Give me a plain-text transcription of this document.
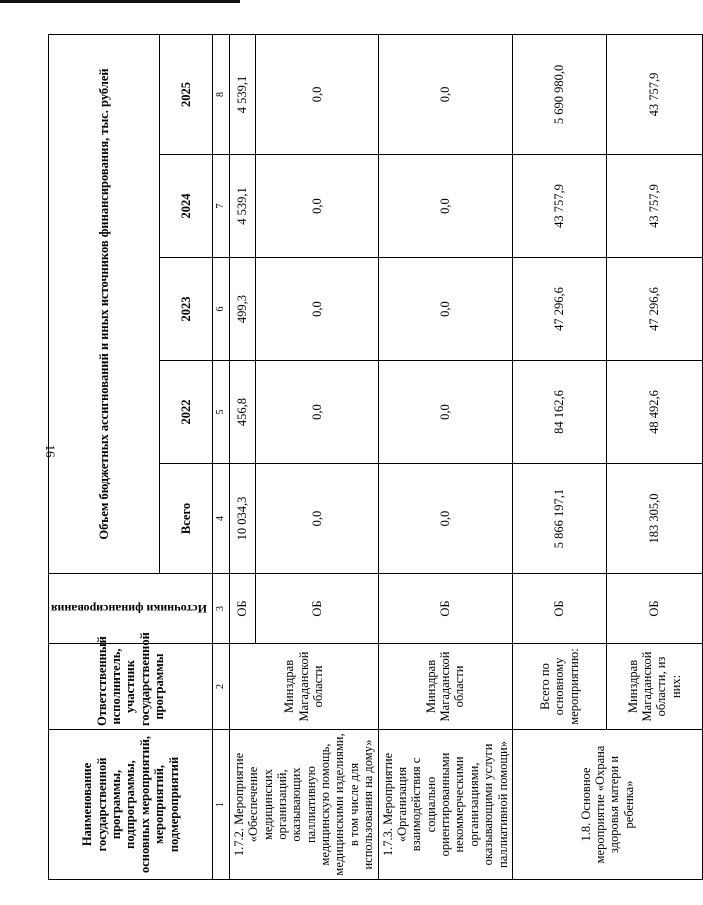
16
Наименование государственной программы, подпрограммы, основных мероприятий, мероприятий, подмероприятий	Ответственный исполнитель, участник государственной программы	Источники финансирования	Объем бюджетных ассигнований и иных источников финансирования, тыс. рублей				
			Всего	2022	2023	2024	2025
1	2	3	4	5	6	7	8
1.7.2. Мероприятие «Обеспечение медицинских организаций, оказывающих паллиативную медицинскую помощь, медицинскими изделиями, в том числе для использования на дому»	Минздрав Магаданской области	ОБ	10 034,3	456,8	499,3	4 539,1	4 539,1
		ОБ	0,0	0,0	0,0	0,0	0,0
1.7.3. Мероприятие «Организация взаимодействия с социально ориентированными некоммерческими организациями, оказывающими услуги паллиативной помощи»	Минздрав Магаданской области	ОБ	0,0	0,0	0,0	0,0	0,0
1.8. Основное мероприятие «Охрана здоровья матери и ребенка»	Всего по основному мероприятию:	ОБ	5 866 197,1	84 162,6	47 296,6	43 757,9	5 690 980,0
	Минздрав Магаданской области, из них:	ОБ	183 305,0	48 492,6	47 296,6	43 757,9	43 757,9
